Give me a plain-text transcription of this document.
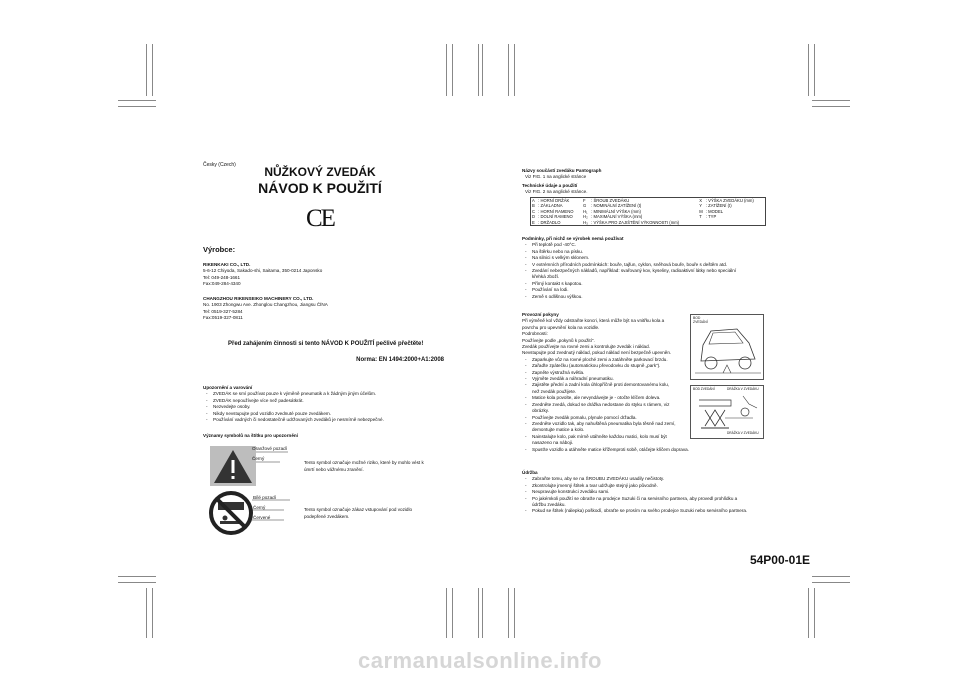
Česky (Czech)	NŮŽKOVÝ ZVEDÁK
NÁVOD K POUŽITÍ
CE
Výrobce:
RIKENKAKI CO., LTD.
5-6-12 Chiyoda, Sakado-shi, Saitama, 350-0214 Japonsko
Tel: 049-248-1661
Fax:049-284-4340
CHANGZHOU RIKENSEIKO MACHINERY CO., LTD.
No. 1903 Zhongwu Ave. Zhonglou Changzhou, Jiangsu ČÍNA
Tel: 0519-327-5284
Fax:0519-327-0811
Před zahájením činnosti si tento NÁVOD K POUŽITÍ pečlivě přečtěte!
Norma: EN 1494:2000+A1:2008
Upozornění a varování
- ZVEDÁK se smí používat pouze k výměně pneumatik a k žádným jiným účelům.
- ZVEDÁK nepoužívejte více než padesátkrát.
- Nezvedejte osoby.
- Nikdy nevstupujte pod vozidlo zvednuté pouze zvedákem.
- Používání vadných či nedostatečně udržovaných zvedáků je nesmírně nebezpečné.
Významy symbolů na štítku pro upozornění
Oranžové pozadí
Černý
Tento symbol označuje možné riziko, které by mohlo vést k
úmrtí nebo vážnému zranění.
Bílé pozadí
Černý
Červené
Tento symbol označuje zákaz vstupování pod vozidlo
podepřené zvedákem.
Názvy součástí zvedáku Pantograph
Viz FIG. 1 na anglické stránce
Technické údaje a použití
Viz FIG. 2 na anglické stránce.
A	: HORNÍ DRŽÁK	F	: ŠROUB ZVEDÁKU	X	: VÝŠKA ZVEDÁKU (mm)
B	: ZÁKLADNA	G	: NOMINÁLNÍ ZATÍŽENÍ (t)	Y	: ZATÍŽENÍ (t)
C	: HORNÍ RAMENO	H₁	: MINIMÁLNÍ VÝŠKA (mm)	M	: MODEL
D	: DOLNÍ RAMENO	H₂	: MAXIMÁLNÍ VÝŠKA (mm)	T	: TYP
E	: DRŽADLO	H₃	: VÝŠKA PRO ZAJIŠTĚNÍ VÝKONNOSTI (mm)		
Podmínky, při nichž se výrobek nemá používat
- Při teplotě pod -40°C.
- Na štěrku nebo na písku.
- Na silnici s velkým sklonem.
- V extrémních přírodních podmínkách: bouře, tajfun, cyklon, sněhová bouře, bouře s deštěm atd.
- Zvedání nebezpečných nákladů, například: svařovaný kov, kyseliny, radioaktivní látky nebo speciální
křehká zboží.
- Přímý kontakt s kapotou.
- Používání na lodi.
- Země s odlišnou výškou.
Provozní pokyny
Při výměně kol vždy odstraňte koncri, která může být na vnitřku kola a
povrchu pro upevnění kola na vozidle.
Podrobnosti:
Používejte podle „pokynů k použití“.
Zvedák používejte na rovné zemi a kontrolujte zvedák i náklad.
Nevstupujte pod zvednutý náklad, pokud náklad není bezpečně upevněn.
- Zaparkujte vůz na rovné ploché zemi a zatáhněte parkovací brzdu.
- Zařaďte zpátečku (automatickou převodovku do stupně „park“).
- Zapněte výstražná světla.
- Vyjměte zvedák a náhradní pneumatiku.
- Zajistěte přední a zadní kola úhlopříčně proti demontovanému kolu,
než zvedák použijete.
- Matice kola povolte, ale nevyndávejte je - otočte klíčem doleva.
- Zvedněte zvedá, dokud se drážka nedostane do styku s rámem, viz
obrázky.
- Používejte zvedák pomalu, plynule pomocí držadla.
- Zvedněte vozidlo tak, aby nahuštěná pneumatika byla těsně nad zemí,
demontujte matice a kolo.
- Nainstalujte kolo, pak mírně utáhněte každou matici, kolo musí být
nasazeno na náboji.
- Spusťte vozidlo a utáhněte matice křížemproti sobě, otáčejte klíčem doprava.
BOD
ZVEDÁNÍ
BOD ZVEDÁNÍ	DRÁŽKA V ZVEDÁKU
DRÁŽKA V ZVEDÁKU
Údržba
- Zabraňte tomu, aby se na ŠROUBU ZVEDÁKU usadily nečistoty.
- Zkontrolujte jmenný štítek a tvar udržujte stejný jako původně.
- Neupravujte konstrukci zvedáku sami.
- Po jakémkoli použití se obraťte na prodejce Suzuki či na servisního partnera, aby provedl prohlídku a
údržbu zvedáku.
- Pokud se štítek (nálepka) poškodí, obraťte se prosím na svého prodejce Suzuki nebo servisního partnera.
54P00-01E
carmanualsonline.info
